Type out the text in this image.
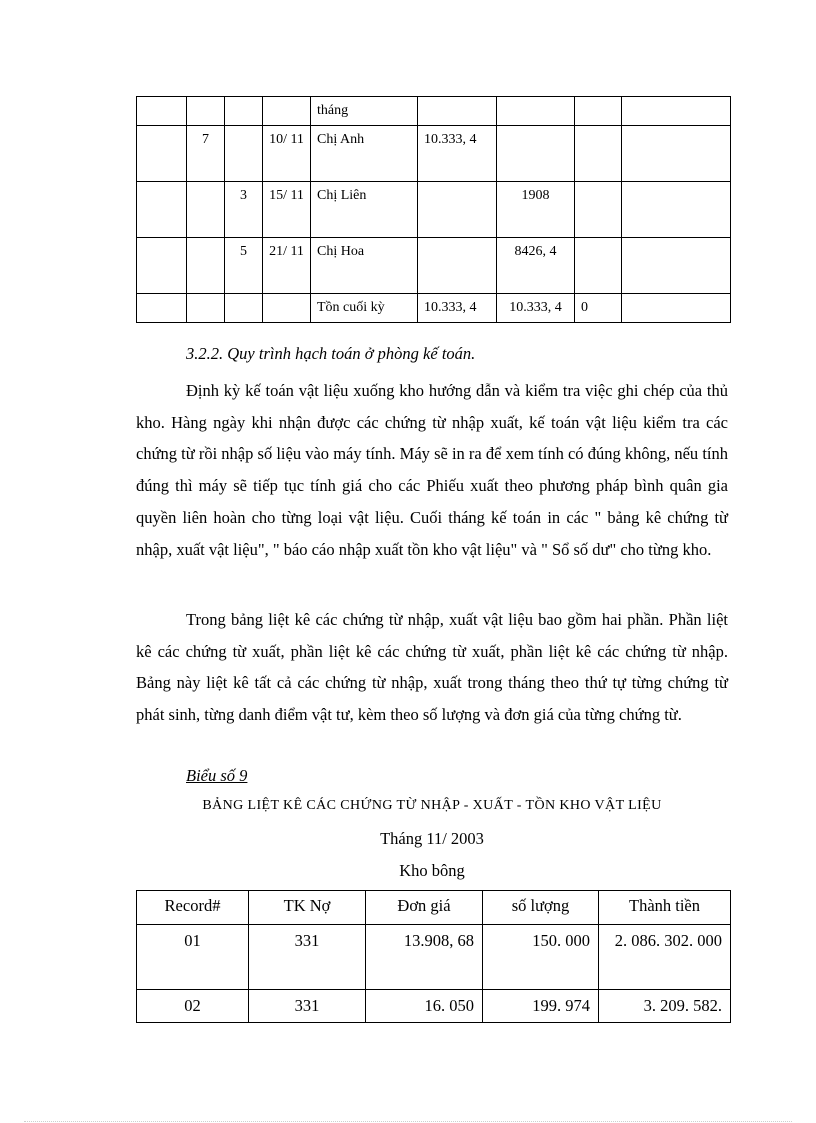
				tháng				
	7		10/ 11	Chị Anh	10.333, 4			
		3	15/ 11	Chị Liên		1908		
		5	21/ 11	Chị Hoa		8426, 4		
				Tồn cuối kỳ	10.333, 4	10.333, 4	0	
3.2.2. Quy trình hạch toán ở phòng kế toán.

Định kỳ kế toán vật liệu xuống kho hướng dẫn và kiểm tra việc ghi chép của thủ kho. Hàng ngày khi nhận được các chứng từ nhập xuất, kế toán vật liệu kiểm tra các chứng từ rồi nhập số liệu vào máy tính. Máy sẽ in ra để xem tính có đúng không, nếu tính đúng thì máy sẽ tiếp tục tính giá cho các Phiếu xuất theo phương pháp bình quân gia quyền liên hoàn cho từng loại vật liệu. Cuối tháng kế toán in các " bảng kê chứng từ nhập, xuất vật liệu", " báo cáo nhập xuất tồn kho vật liệu" và " Sổ số dư" cho từng kho.

Trong bảng liệt kê các chứng từ nhập, xuất vật liệu bao gồm hai phần. Phần liệt kê các chứng từ xuất, phần liệt kê các chứng từ xuất, phần liệt kê các chứng từ nhập. Bảng này liệt kê tất cả các chứng từ nhập, xuất trong tháng theo thứ tự từng chứng từ phát sinh, từng danh điểm vật tư, kèm theo số lượng và đơn giá của từng chứng từ.

Biểu số 9
BẢNG LIỆT KÊ CÁC CHỨNG TỪ NHẬP - XUẤT - TỒN KHO VẬT LIỆU
Tháng 11/ 2003
Kho bông
Record#	TK Nợ	Đơn giá	số lượng	Thành tiền
01	331	13.908, 68	150. 000	2. 086. 302. 000
02	331	16. 050	199. 974	3. 209. 582.
